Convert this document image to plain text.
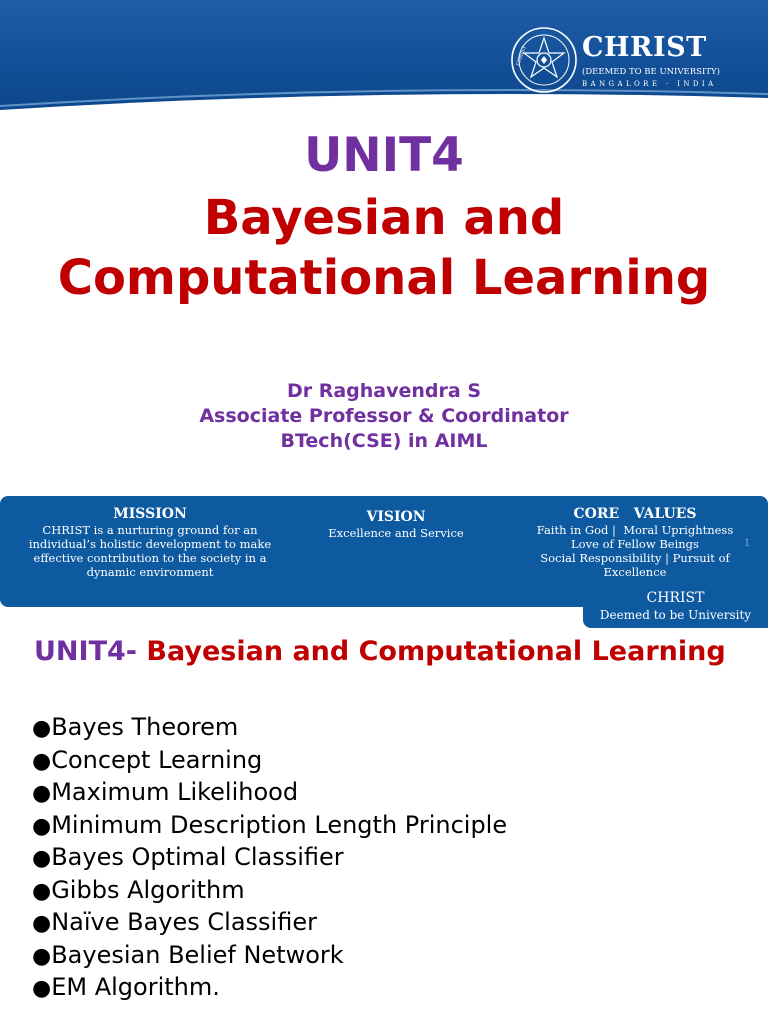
CHRIST CHRIST
(DEEMED TO BE UNIVERSITY)
BANGALORE · INDIA
UNIT4
Bayesian and
Computational Learning
Dr Raghavendra S
Associate Professor & Coordinator
BTech(CSE) in AIML
MISSION
CHRIST is a nurturing ground for an
individual’s holistic development to make
effective contribution to the society in a
dynamic environment
VISION
Excellence and Service
CORE   VALUES
Faith in God |  Moral Uprightness
Love of Fellow Beings
Social Responsibility | Pursuit of
Excellence
1
CHRIST
Deemed to be University
UNIT4- Bayesian and Computational Learning
●Bayes Theorem
●Concept Learning
●Maximum Likelihood
●Minimum Description Length Principle
●Bayes Optimal Classifier
●Gibbs Algorithm
●Naïve Bayes Classifier
●Bayesian Belief Network
●EM Algorithm.
